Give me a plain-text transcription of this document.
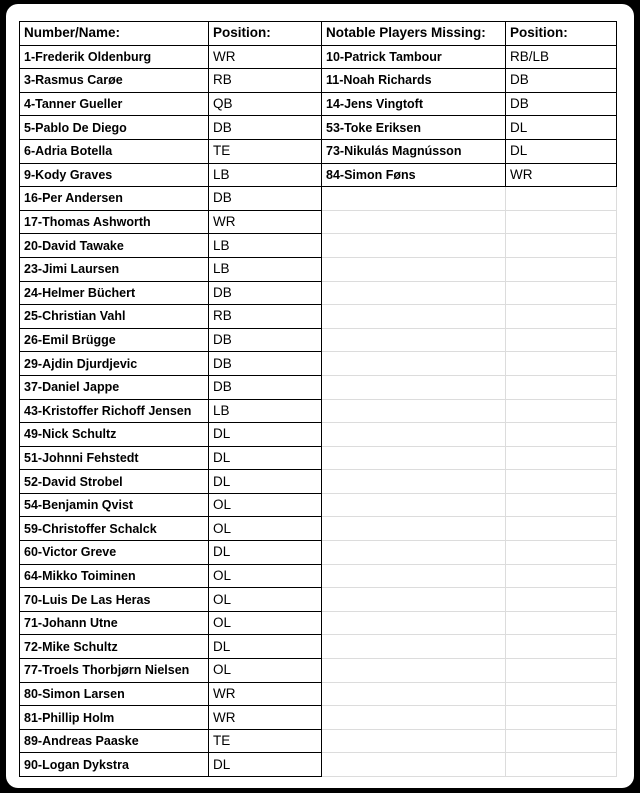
Number/Name:	Position:	Notable Players Missing:	Position:
1-Frederik Oldenburg	WR	10-Patrick Tambour	RB/LB
3-Rasmus Carøe	RB	11-Noah Richards	DB
4-Tanner Gueller	QB	14-Jens Vingtoft	DB
5-Pablo De Diego	DB	53-Toke Eriksen	DL
6-Adria Botella	TE	73-Nikulás Magnússon	DL
9-Kody Graves	LB	84-Simon Føns	WR
16-Per Andersen	DB		
17-Thomas Ashworth	WR		
20-David Tawake	LB		
23-Jimi Laursen	LB		
24-Helmer Büchert	DB		
25-Christian Vahl	RB		
26-Emil Brügge	DB		
29-Ajdin Djurdjevic	DB		
37-Daniel Jappe	DB		
43-Kristoffer Richoff Jensen	LB		
49-Nick Schultz	DL		
51-Johnni Fehstedt	DL		
52-David Strobel	DL		
54-Benjamin Qvist	OL		
59-Christoffer Schalck	OL		
60-Victor Greve	DL		
64-Mikko Toiminen	OL		
70-Luis De Las Heras	OL		
71-Johann Utne	OL		
72-Mike Schultz	DL		
77-Troels Thorbjørn Nielsen	OL		
80-Simon Larsen	WR		
81-Phillip Holm	WR		
89-Andreas Paaske	TE		
90-Logan Dykstra	DL		
